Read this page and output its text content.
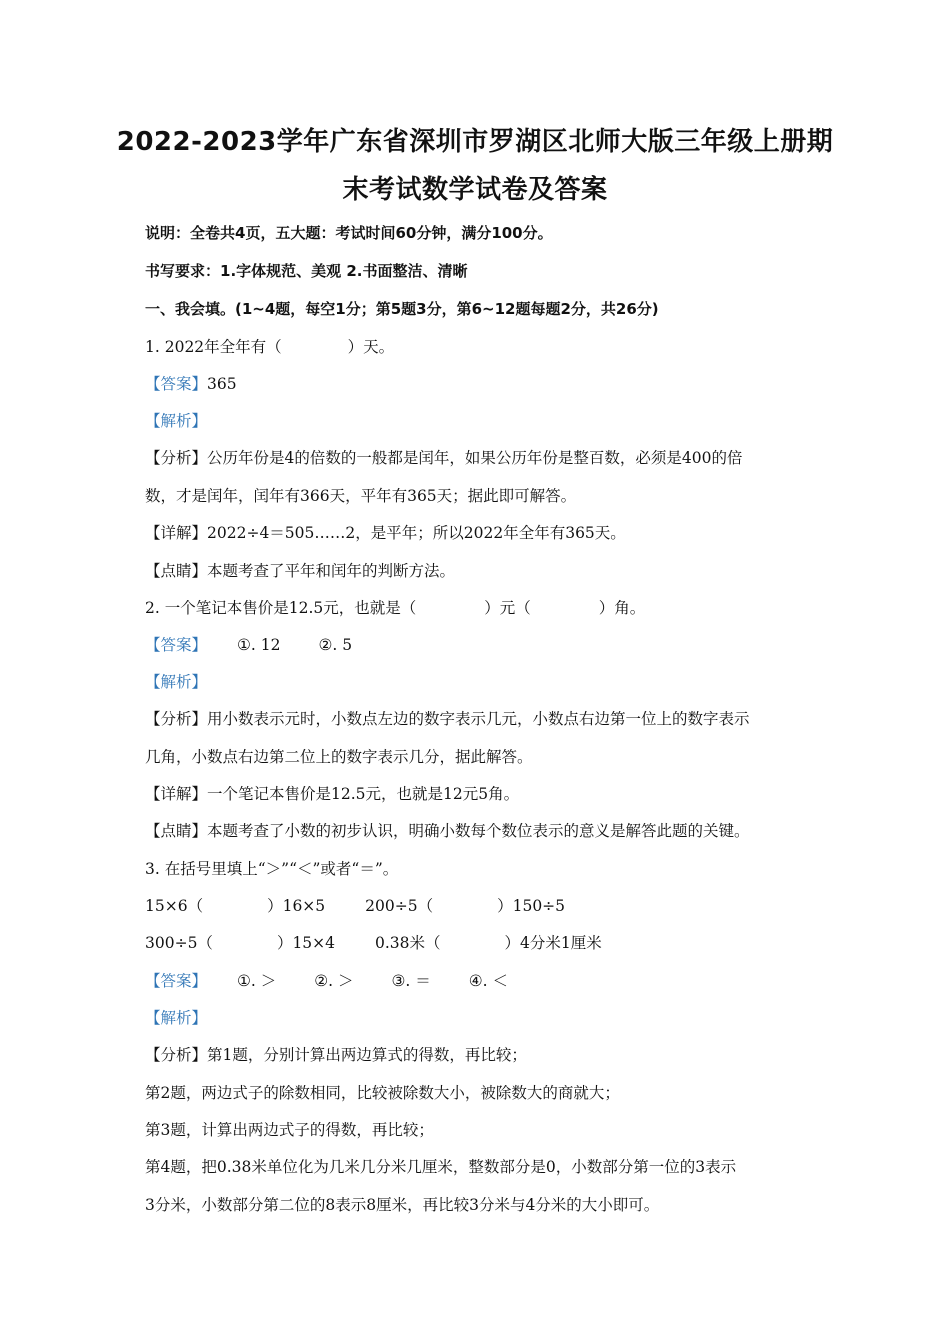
2022-2023学年广东省深圳市罗湖区北师大版三年级上册期
末考试数学试卷及答案
说明：全卷共4页，五大题：考试时间60分钟，满分100分。
书写要求：1.字体规范、美观 2.书面整洁、清晰
一、我会填。(1~4题，每空1分；第5题3分，第6~12题每题2分，共26分)
1. 2022年全年有（	）天。
【答案】365
【解析】
【分析】公历年份是4的倍数的一般都是闰年，如果公历年份是整百数，必须是400的倍
数，才是闰年，闰年有366天，平年有365天；据此即可解答。
【详解】2022÷4＝505……2，是平年；所以2022年全年有365天。
【点睛】本题考查了平年和闰年的判断方法。
2. 一个笔记本售价是12.5元，也就是（	）元（	）角。
【答案】 ①. 12 ②. 5
【解析】
【分析】用小数表示元时，小数点左边的数字表示几元，小数点右边第一位上的数字表示
几角，小数点右边第二位上的数字表示几分，据此解答。
【详解】一个笔记本售价是12.5元，也就是12元5角。
【点睛】本题考查了小数的初步认识，明确小数每个数位表示的意义是解答此题的关键。
3. 在括号里填上“＞”“＜”或者“＝”。
15×6（	）16×5	200÷5（	）150÷5
300÷5（	）15×4	0.38米（	）4分米1厘米
【答案】 ①. ＞ ②. ＞ ③. ＝ ④. ＜
【解析】
【分析】第1题，分别计算出两边算式的得数，再比较；
第2题，两边式子的除数相同，比较被除数大小，被除数大的商就大；
第3题，计算出两边式子的得数，再比较；
第4题，把0.38米单位化为几米几分米几厘米，整数部分是0，小数部分第一位的3表示
3分米，小数部分第二位的8表示8厘米，再比较3分米与4分米的大小即可。
